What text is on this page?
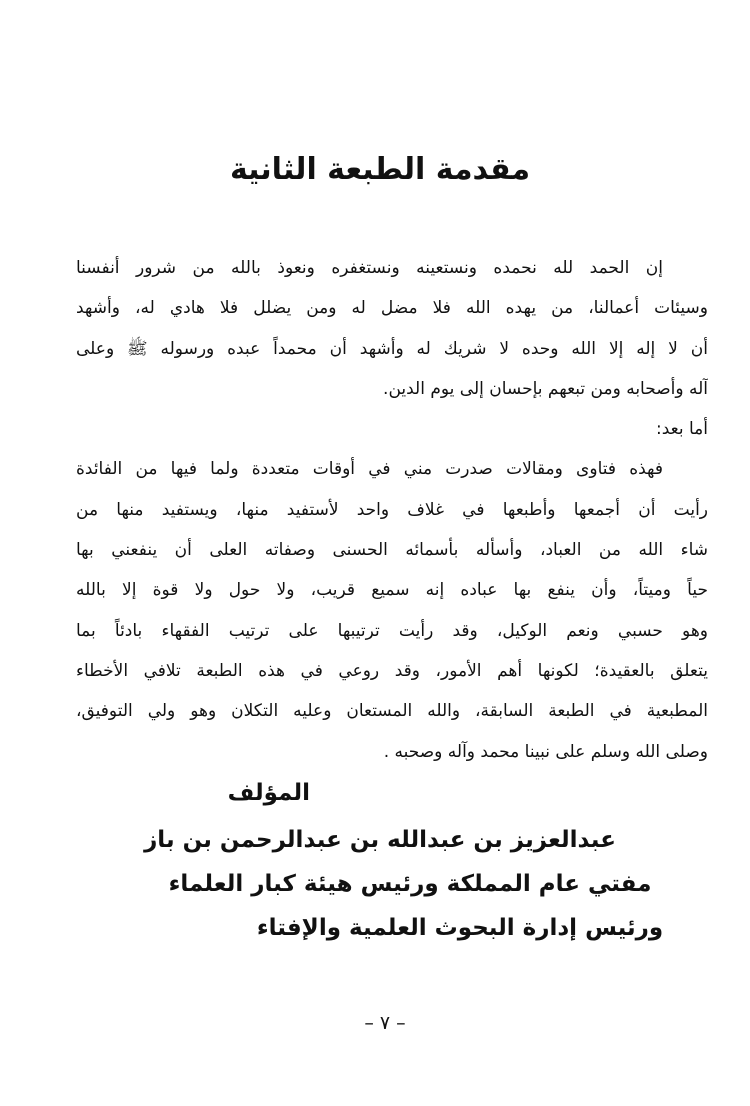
مقدمة الطبعة الثانية
إن الحمد لله نحمده ونستعينه ونستغفره ونعوذ بالله من شرور أنفسنا
وسيئات أعمالنا، من يهده الله فلا مضل له ومن يضلل فلا هادي له، وأشهد
أن لا إله إلا الله وحده لا شريك له وأشهد أن محمداً عبده ورسوله ﷺ وعلى
آله وأصحابه ومن تبعهم بإحسان إلى يوم الدين.
أما بعد:
فهذه فتاوى ومقالات صدرت مني في أوقات متعددة ولما فيها من الفائدة
رأيت أن أجمعها وأطبعها في غلاف واحد لأستفيد منها، ويستفيد منها من
شاء الله من العباد، وأسأله بأسمائه الحسنى وصفاته العلى أن ينفعني بها
حياً وميتاً، وأن ينفع بها عباده إنه سميع قريب، ولا حول ولا قوة إلا بالله
وهو حسبي ونعم الوكيل، وقد رأيت ترتيبها على ترتيب الفقهاء بادئاً بما
يتعلق بالعقيدة؛ لكونها أهم الأمور، وقد روعي في هذه الطبعة تلافي الأخطاء
المطبعية في الطبعة السابقة، والله المستعان وعليه التكلان وهو ولي التوفيق،
وصلى الله وسلم على نبينا محمد وآله وصحبه .
المؤلف
عبدالعزيز بن عبدالله بن عبدالرحمن بن باز
مفتي عام المملكة ورئيس هيئة كبار العلماء
ورئيس إدارة البحوث العلمية والإفتاء
– ٧ –
